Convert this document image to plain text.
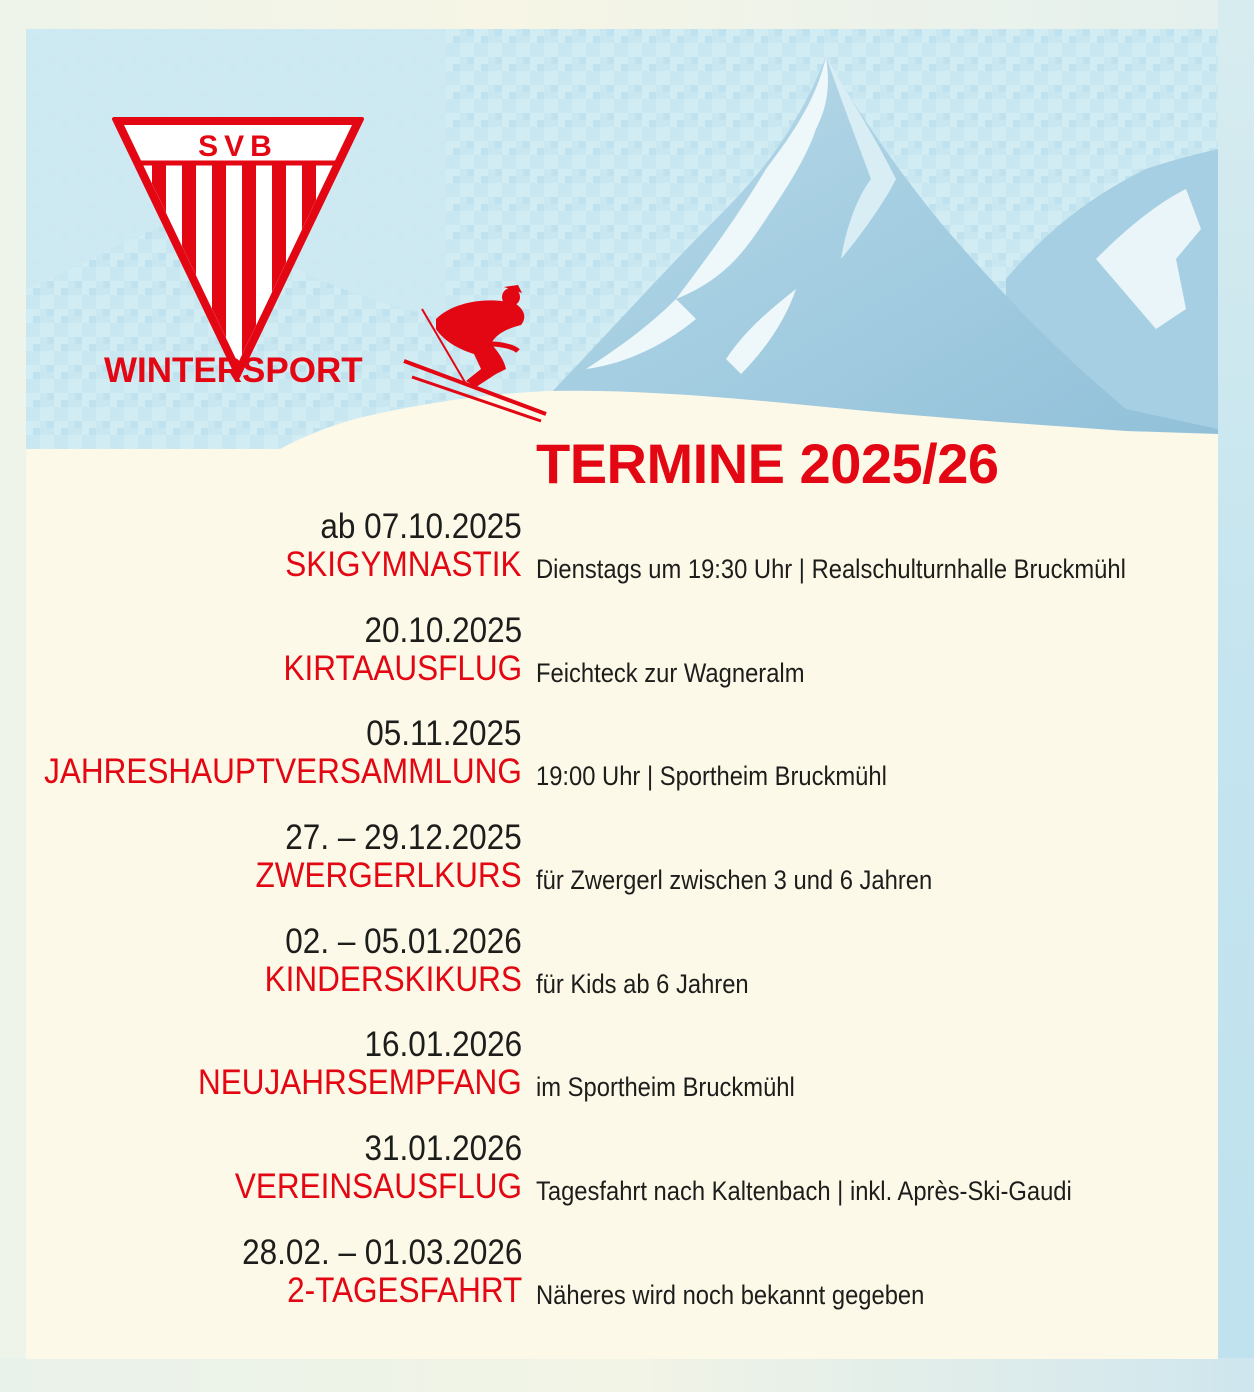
SVB
WINTERSPORT
TERMINE 2025/26
ab 07.10.2025
SKIGYMNASTIK Dienstags um 19:30 Uhr | Realschulturnhalle Bruckmühl
20.10.2025
KIRTAAUSFLUG Feichteck zur Wagneralm
05.11.2025
JAHRESHAUPTVERSAMMLUNG 19:00 Uhr | Sportheim Bruckmühl
27. – 29.12.2025
ZWERGERLKURS für Zwergerl zwischen 3 und 6 Jahren
02. – 05.01.2026
KINDERSKIKURS für Kids ab 6 Jahren
16.01.2026
NEUJAHRSEMPFANG im Sportheim Bruckmühl
31.01.2026
VEREINSAUSFLUG Tagesfahrt nach Kaltenbach | inkl. Après-Ski-Gaudi
28.02. – 01.03.2026
2-TAGESFAHRT Näheres wird noch bekannt gegeben
